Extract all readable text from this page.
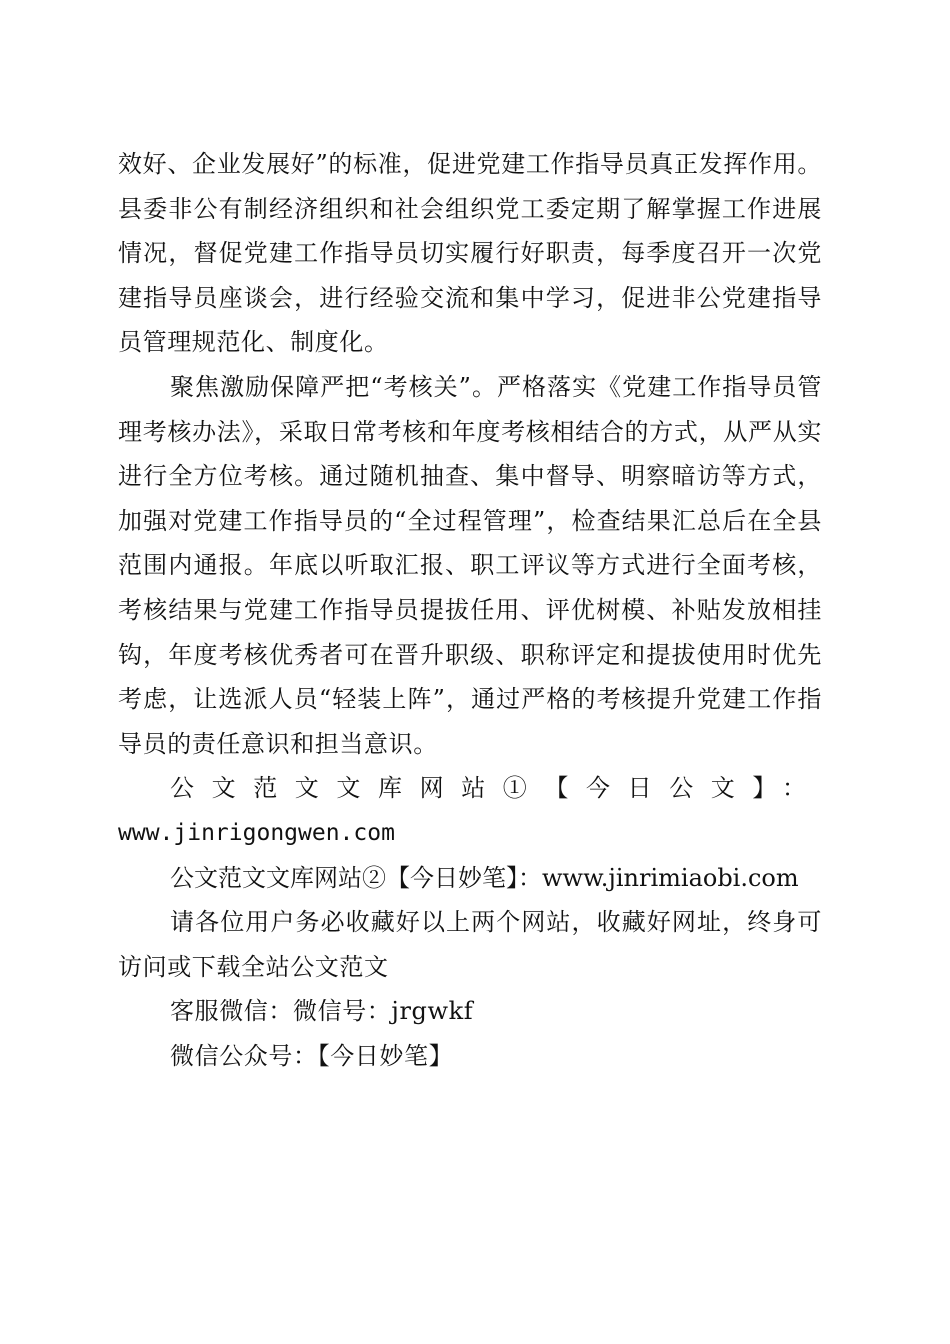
效好、企业发展好”的标准，促进党建工作指导员真正发挥作用。县委非公有制经济组织和社会组织党工委定期了解掌握工作进展情况，督促党建工作指导员切实履行好职责，每季度召开一次党建指导员座谈会，进行经验交流和集中学习，促进非公党建指导员管理规范化、制度化。

聚焦激励保障严把“考核关”。严格落实《党建工作指导员管理考核办法》，采取日常考核和年度考核相结合的方式，从严从实进行全方位考核。通过随机抽查、集中督导、明察暗访等方式，加强对党建工作指导员的“全过程管理”，检查结果汇总后在全县范围内通报。年底以听取汇报、职工评议等方式进行全面考核，考核结果与党建工作指导员提拔任用、评优树模、补贴发放相挂钩，年度考核优秀者可在晋升职级、职称评定和提拔使用时优先考虑，让选派人员“轻装上阵”，通过严格的考核提升党建工作指导员的责任意识和担当意识。

公文范文文库网站①【今日公文】：

www.jinrigongwen.com

公文范文文库网站②【今日妙笔】：www.jinrimiaobi.com

请各位用户务必收藏好以上两个网站，收藏好网址，终身可访问或下载全站公文范文

客服微信：微信号：jrgwkf

微信公众号：【今日妙笔】
